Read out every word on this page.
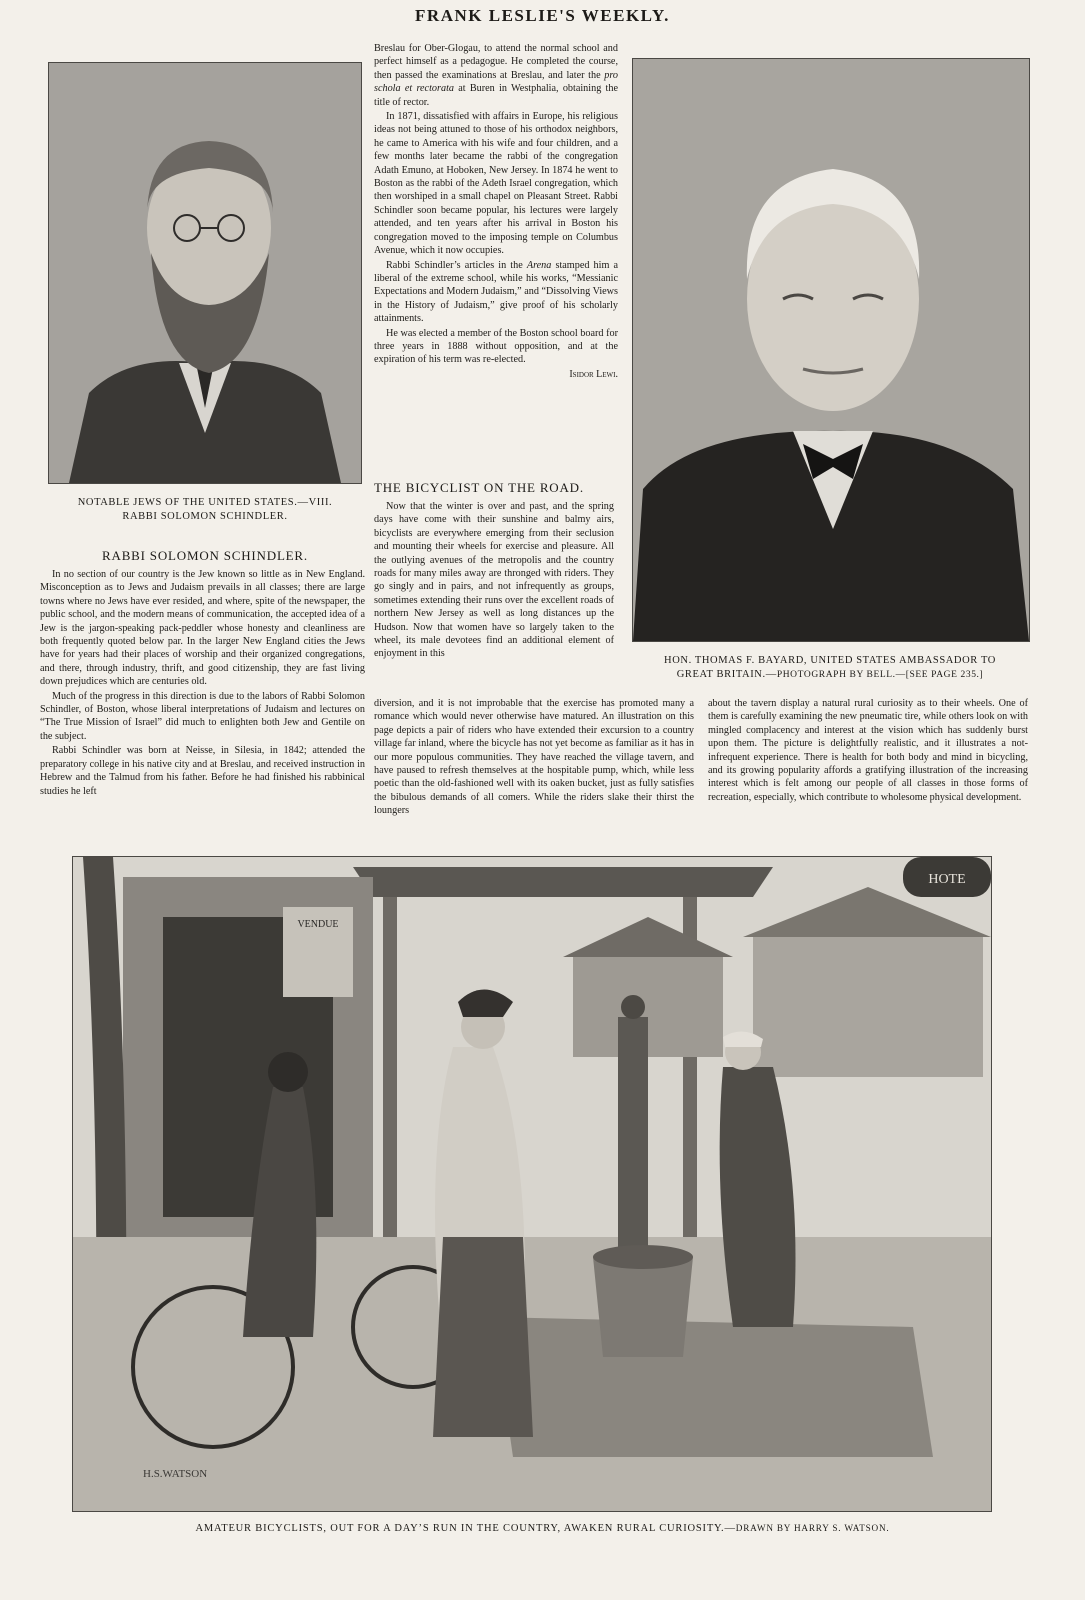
FRANK LESLIE'S WEEKLY.
NOTABLE JEWS OF THE UNITED STATES.—VIII.
RABBI SOLOMON SCHINDLER.
RABBI SOLOMON SCHINDLER.

In no section of our country is the Jew known so little as in New England. Misconception as to Jews and Judaism prevails in all classes; there are large towns where no Jews have ever resided, and where, spite of the newspaper, the public school, and the modern means of communication, the accepted idea of a Jew is the jargon-speaking pack-peddler whose honesty and cleanliness are both frequently quoted below par. In the larger New England cities the Jews have for years had their places of worship and their organized congregations, and there, through industry, thrift, and good citizenship, they are fast living down prejudices which are centuries old.

Much of the progress in this direction is due to the labors of Rabbi Solomon Schindler, of Boston, whose liberal interpretations of Judaism and lectures on “The True Mission of Israel” did much to enlighten both Jew and Gentile on the subject.

Rabbi Schindler was born at Neisse, in Silesia, in 1842; attended the preparatory college in his native city and at Breslau, and received instruction in Hebrew and the Talmud from his father. Before he had finished his rabbinical studies he left

Breslau for Ober-Glogau, to attend the normal school and perfect himself as a pedagogue. He completed the course, then passed the examinations at Breslau, and later the pro schola et rectorata at Buren in Westphalia, obtaining the title of rector.

In 1871, dissatisfied with affairs in Europe, his religious ideas not being attuned to those of his orthodox neighbors, he came to America with his wife and four children, and a few months later became the rabbi of the congregation Adath Emuno, at Hoboken, New Jersey. In 1874 he went to Boston as the rabbi of the Adeth Israel congregation, which then worshiped in a small chapel on Pleasant Street. Rabbi Schindler soon became popular, his lectures were largely attended, and ten years after his arrival in Boston his congregation moved to the imposing temple on Columbus Avenue, which it now occupies.

Rabbi Schindler’s articles in the Arena stamped him a liberal of the extreme school, while his works, “Messianic Expectations and Modern Judaism,” and “Dissolving Views in the History of Judaism,” give proof of his scholarly attainments.

He was elected a member of the Boston school board for three years in 1888 without opposition, and at the expiration of his term was re-elected.

Isidor Lewi.
THE BICYCLIST ON THE ROAD.

Now that the winter is over and past, and the spring days have come with their sunshine and balmy airs, bicyclists are everywhere emerging from their seclusion and mounting their wheels for exercise and pleasure. All the outlying avenues of the metropolis and the country roads for many miles away are thronged with riders. They go singly and in pairs, and not infrequently as groups, sometimes extending their runs over the excellent roads of northern New Jersey as well as long distances up the Hudson. Now that women have so largely taken to the wheel, its male devotees find an additional element of enjoyment in this

HON. THOMAS F. BAYARD, UNITED STATES AMBASSADOR TO
GREAT BRITAIN.—PHOTOGRAPH BY BELL.—[SEE PAGE 235.]

diversion, and it is not improbable that the exercise has promoted many a romance which would never otherwise have matured. An illustration on this page depicts a pair of riders who have extended their excursion to a country village far inland, where the bicycle has not yet become as familiar as it has in our more populous communities. They have reached the village tavern, and have paused to refresh themselves at the hospitable pump, which, while less poetic than the old-fashioned well with its oaken bucket, just as fully satisfies the bibulous demands of all comers. While the riders slake their thirst the loungers

about the tavern display a natural rural curiosity as to their wheels. One of them is carefully examining the new pneumatic tire, while others look on with mingled complacency and interest at the vision which has suddenly burst upon them. The picture is delightfully realistic, and it illustrates a not-infrequent experience. There is health for both body and mind in bicycling, and its growing popularity affords a gratifying illustration of the increasing interest which is felt among our people of all classes in those forms of recreation, especially, which contribute to wholesome physical development.

VENDUE
HOTE
H.S.WATSON
AMATEUR BICYCLISTS, OUT FOR A DAY’S RUN IN THE COUNTRY, AWAKEN RURAL CURIOSITY.—DRAWN BY HARRY S. WATSON.
